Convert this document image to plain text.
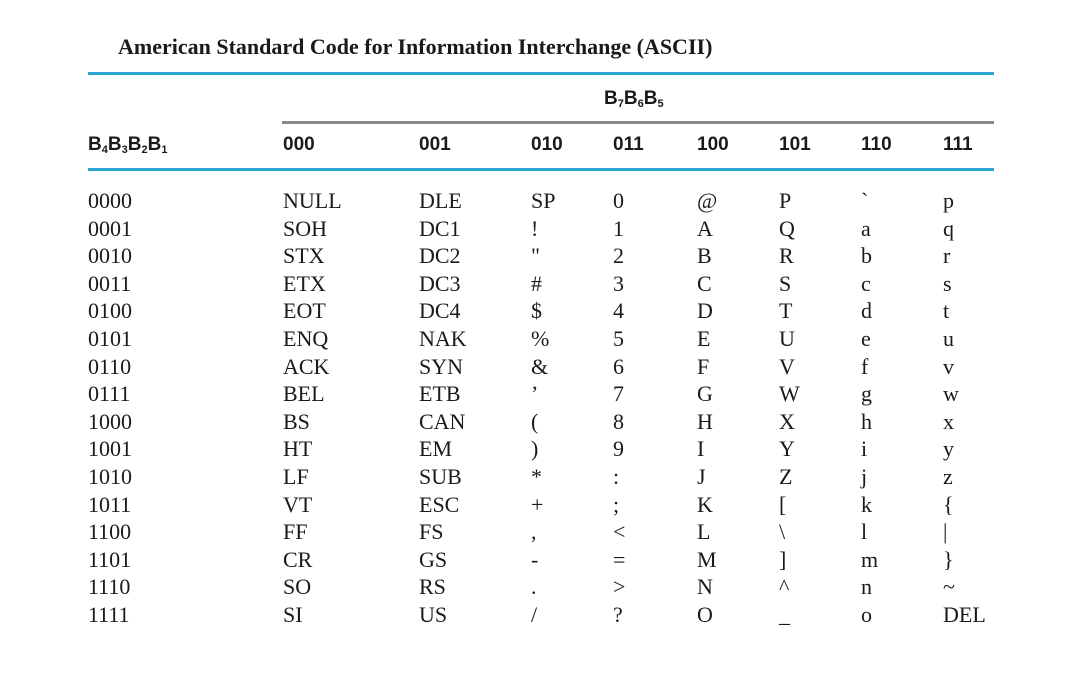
American Standard Code for Information Interchange (ASCII)
$B_7B_6B_5$
$B_4B_3B_2B_1$	000	001	010	011	100	101	110	111
0000	NULL	DLE	SP	0	@	P	`	p
0001	SOH	DC1	!	1	A	Q	a	q
0010	STX	DC2	"	2	B	R	b	r
0011	ETX	DC3	#	3	C	S	c	s
0100	EOT	DC4	$	4	D	T	d	t
0101	ENQ	NAK	%	5	E	U	e	u
0110	ACK	SYN	&	6	F	V	f	v
0111	BEL	ETB	’	7	G	W	g	w
1000	BS	CAN	(	8	H	X	h	x
1001	HT	EM	)	9	I	Y	i	y
1010	LF	SUB	*	:	J	Z	j	z
1011	VT	ESC	+	;	K	[	k	{
1100	FF	FS	,	<	L	\	l	|
1101	CR	GS	-	=	M	]	m	}
1110	SO	RS	.	>	N	^	n	~
1111	SI	US	/	?	O	_	o	DEL
